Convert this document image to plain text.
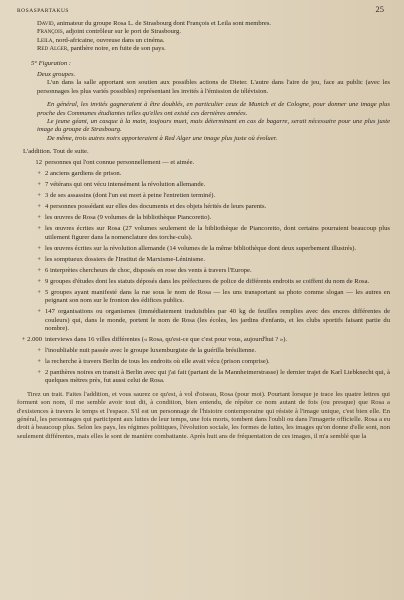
ROSASPARTAKUS	25

David, animateur du groupe Rosa L. de Strasbourg dont François et Leila sont membres.

François, adjoint contrôleur sur le port de Strasbourg.

Leila, nord-africaine, ouvreuse dans un cinéma.

Red Alger, panthère noire, en fuite de son pays.

5° Figuration :

Deux groupes.

L'un dans la salle apportant son soutien aux possibles actions de Dieter. L'autre dans l'aire de jeu, face au public (avec les personnages les plus variés possibles) représentant les invités à l'émission de télévision.

En général, les invités gagneraient à être doublés, en particulier ceux de Munich et de Cologne, pour donner une image plus proche des Communes étudiantes telles qu'elles ont existé ces dernières années.

Le jeune géant, un casque à la main, toujours muet, mais déterminant en cas de bagarre, serait nécessaire pour une plus juste image du groupe de Strasbourg.

De même, trois autres noirs apporteraient à Red Alger une image plus juste où évoluer.

L'addition. Tout de suite.

12 personnes qui l'ont connue personnellement — et aimée.
+ 2 anciens gardiens de prison.
+ 7 vétérans qui ont vécu intensément la révolution allemande.
+ 3 de ses assassins (dont l'un est mort à peine l'entretien terminé).
+ 4 personnes possédant sur elles des documents et des objets hérités de leurs parents.
+ les œuvres de Rosa (9 volumes de la bibliothèque Piancoretto).
+ les œuvres écrites sur Rosa (27 volumes seulement de la bibliothèque de Piancoretto, dont certains pourraient beaucoup plus utilement figurer dans la nomenclature des torche-culs).
+ les œuvres écrites sur la révolution allemande (14 volumes de la même bibliothèque dont deux superbement illustrés).
+ les somptueux dossiers de l'Institut de Marxisme-Léninisme.
+ 6 interprètes chercheurs de choc, disposés en rose des vents à travers l'Europe.
+ 9 groupes d'études dont les statuts déposés dans les préfectures de police de différents endroits se coiffent du nom de Rosa.
+ 5 groupes ayant manifesté dans la rue sous le nom de Rosa — les uns transportant sa photo comme slogan — les autres en peignant son nom sur le fronton des édifices publics.
+ 147 organisations ou organismes (immédiatement traduisibles par 40 kg de feuilles remplies avec des encres différentes de couleurs) qui, dans le monde, portent le nom de Rosa (les écoles, les jardins d'enfants, et les clubs sportifs faisant partie du nombre).
+ 2.000 interviews dans 16 villes différentes (« Rosa, qu'est-ce que c'est pour vous, aujourd'hui ? »).
+ l'inoubliable nuit passée avec le groupe luxemburgiste de la guérilla brésilienne.
+ la recherche à travers Berlin de tous les endroits où elle avait vécu (prison comprise).
+ 2 panthères noires en transit à Berlin avec qui j'ai fait (partant de la Mannheimerstrasse) le dernier trajet de Karl Liebknecht qui, à quelques mètres près, fut aussi celui de Rosa.

Tirez un trait. Faites l'addition, et vous saurez ce qu'est, à vol d'oiseau, Rosa (pour moi). Pourtant lorsque je trace les quatre lettres qui forment son nom, il me semble avoir tout dit, à condition, bien entendu, de répéter ce nom autant de fois (ou presque) que Rosa a d'existences à travers le temps et l'espace. S'il est un personnage de l'histoire contemporaine qui résiste à l'image unique, c'est bien elle. En général, les personnages qui participent aux luttes de leur temps, une fois morts, tombent dans l'oubli ou dans l'imagerie officielle. Rosa a eu droit à beaucoup plus. Selon les pays, les régimes politiques, l'évolution sociale, les formes de luttes, les images qu'on donne d'elle sont, non seulement différentes, mais elles le sont de manière combattante. Après huit ans de fréquentation de ces images, il m'a semblé que la
